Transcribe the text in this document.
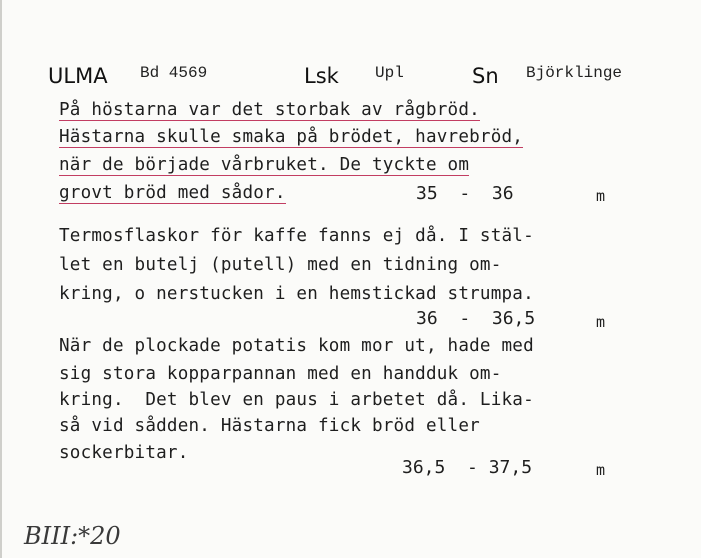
ULMA Bd 4569	Lsk Upl	Sn Björklinge
På höstarna var det storbak av rågbröd.
Hästarna skulle smaka på brödet, havrebröd,
när de började vårbruket. De tyckte om
grovt bröd med sådor.	35  -  36	m
Termosflaskor för kaffe fanns ej då. I stäl-
let en butelj (putell) med en tidning om-
kring, o nerstucken i en hemstickad strumpa.
36  -  36,5	m
När de plockade potatis kom mor ut, hade med
sig stora kopparpannan med en handduk om-
kring.  Det blev en paus i arbetet då. Lika-
så vid sådden. Hästarna fick bröd eller
sockerbitar.
36,5  - 37,5	m
BIII:*20
